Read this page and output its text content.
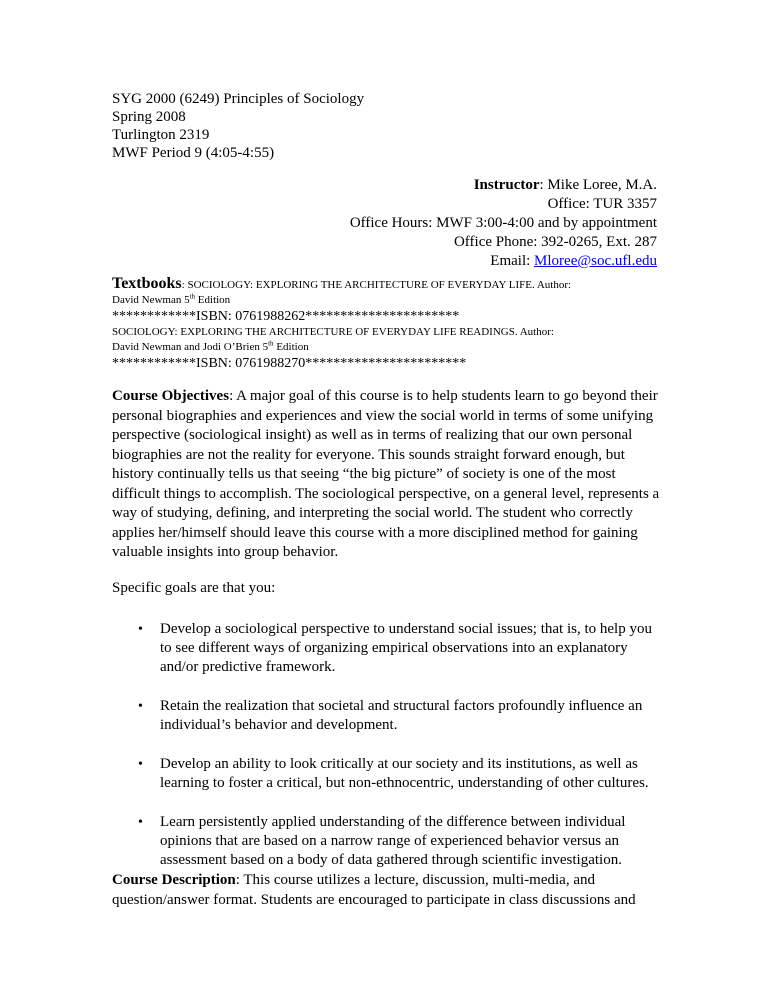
SYG 2000 (6249) Principles of Sociology
Spring 2008
Turlington 2319
MWF Period 9 (4:05-4:55)
Instructor: Mike Loree, M.A.
Office: TUR 3357
Office Hours: MWF 3:00-4:00 and by appointment
Office Phone: 392-0265, Ext. 287
Email: Mloree@soc.ufl.edu
Textbooks: SOCIOLOGY: EXPLORING THE ARCHITECTURE OF EVERYDAY LIFE. Author:
David Newman 5th Edition
************ISBN: 0761988262**********************
SOCIOLOGY: EXPLORING THE ARCHITECTURE OF EVERYDAY LIFE READINGS. Author:
David Newman and Jodi O’Brien 5th Edition
************ISBN: 0761988270***********************
Course Objectives: A major goal of this course is to help students learn to go beyond their personal biographies and experiences and view the social world in terms of some unifying perspective (sociological insight) as well as in terms of realizing that our own personal biographies are not the reality for everyone. This sounds straight forward enough, but history continually tells us that seeing “the big picture” of society is one of the most difficult things to accomplish. The sociological perspective, on a general level, represents a way of studying, defining, and interpreting the social world. The student who correctly applies her/himself should leave this course with a more disciplined method for gaining valuable insights into group behavior.
Specific goals are that you:
• Develop a sociological perspective to understand social issues; that is, to help you to see different ways of organizing empirical observations into an explanatory and/or predictive framework.
• Retain the realization that societal and structural factors profoundly influence an individual’s behavior and development.
• Develop an ability to look critically at our society and its institutions, as well as learning to foster a critical, but non-ethnocentric, understanding of other cultures.
• Learn persistently applied understanding of the difference between individual opinions that are based on a narrow range of experienced behavior versus an assessment based on a body of data gathered through scientific investigation.
Course Description: This course utilizes a lecture, discussion, multi-media, and question/answer format. Students are encouraged to participate in class discussions and
